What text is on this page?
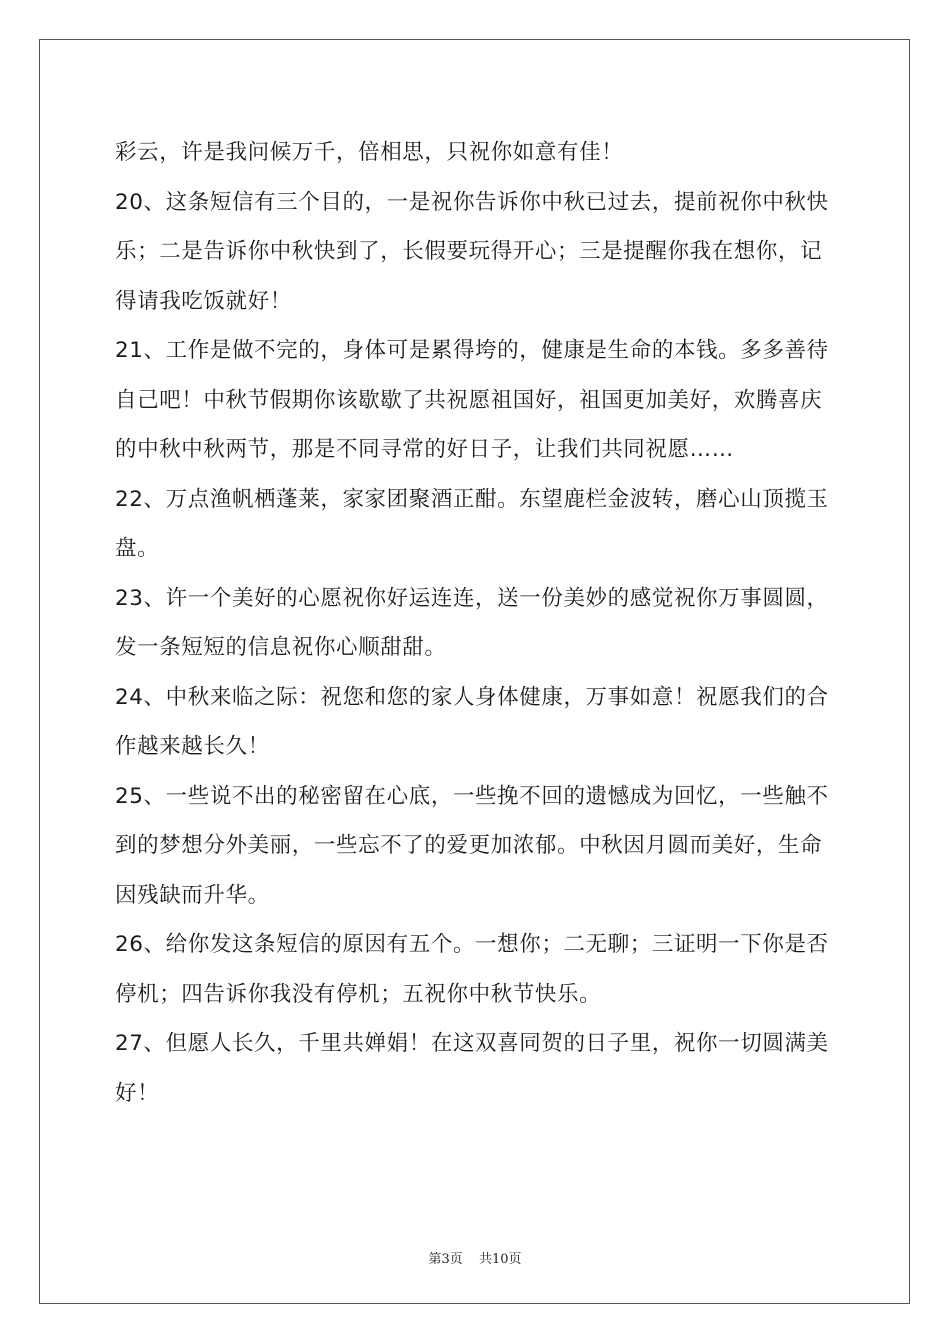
彩云，许是我问候万千，倍相思，只祝你如意有佳！

20、这条短信有三个目的，一是祝你告诉你中秋已过去，提前祝你中秋快乐；二是告诉你中秋快到了，长假要玩得开心；三是提醒你我在想你，记得请我吃饭就好！

21、工作是做不完的，身体可是累得垮的，健康是生命的本钱。多多善待自己吧！中秋节假期你该歇歇了共祝愿祖国好，祖国更加美好，欢腾喜庆的中秋中秋两节，那是不同寻常的好日子，让我们共同祝愿……

22、万点渔帆栖蓬莱，家家团聚酒正酣。东望鹿栏金波转，磨心山顶揽玉盘。

23、许一个美好的心愿祝你好运连连，送一份美妙的感觉祝你万事圆圆，发一条短短的信息祝你心顺甜甜。

24、中秋来临之际：祝您和您的家人身体健康，万事如意！祝愿我们的合作越来越长久！

25、一些说不出的秘密留在心底，一些挽不回的遗憾成为回忆，一些触不到的梦想分外美丽，一些忘不了的爱更加浓郁。中秋因月圆而美好，生命因残缺而升华。

26、给你发这条短信的原因有五个。一想你；二无聊；三证明一下你是否停机；四告诉你我没有停机；五祝你中秋节快乐。

27、但愿人长久，千里共婵娟！在这双喜同贺的日子里，祝你一切圆满美好！

第3页 共10页
